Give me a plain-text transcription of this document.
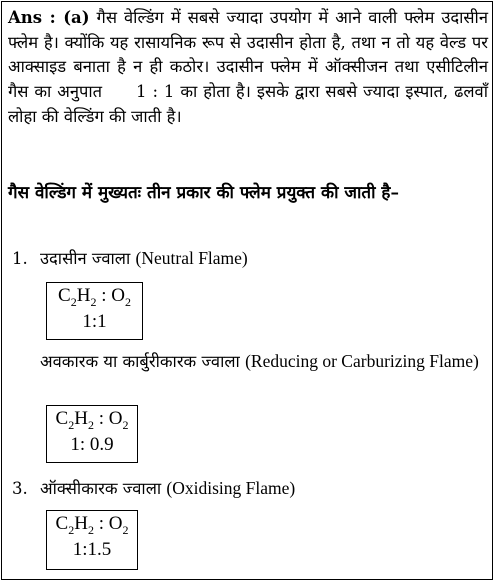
Ans : (a) गैस वेल्डिंग में सबसे ज्यादा उपयोग में आने वाली फ्लेम उदासीन फ्लेम है। क्योंकि यह रासायनिक रूप से उदासीन होता है, तथा न तो यह वेल्ड पर आक्साइड बनाता है न ही कठोर। उदासीन फ्लेम में ऑक्सीजन तथा एसीटिलीन गैस का अनुपात 1 : 1 का होता है। इसके द्वारा सबसे ज्यादा इस्पात, ढलवाँ लोहा की वेल्डिंग की जाती है।
गैस वेल्डिंग में मुख्यतः तीन प्रकार की फ्लेम प्रयुक्त की जाती है–
1. उदासीन ज्वाला (Neutral Flame)
$C_2H_2$ : $O_2$
1:1
अवकारक या कार्बुरीकारक ज्वाला (Reducing or Carburizing Flame)
$C_2H_2$ : $O_2$
1: 0.9
3. ऑक्सीकारक ज्वाला (Oxidising Flame)
$C_2H_2$ : $O_2$
1:1.5
